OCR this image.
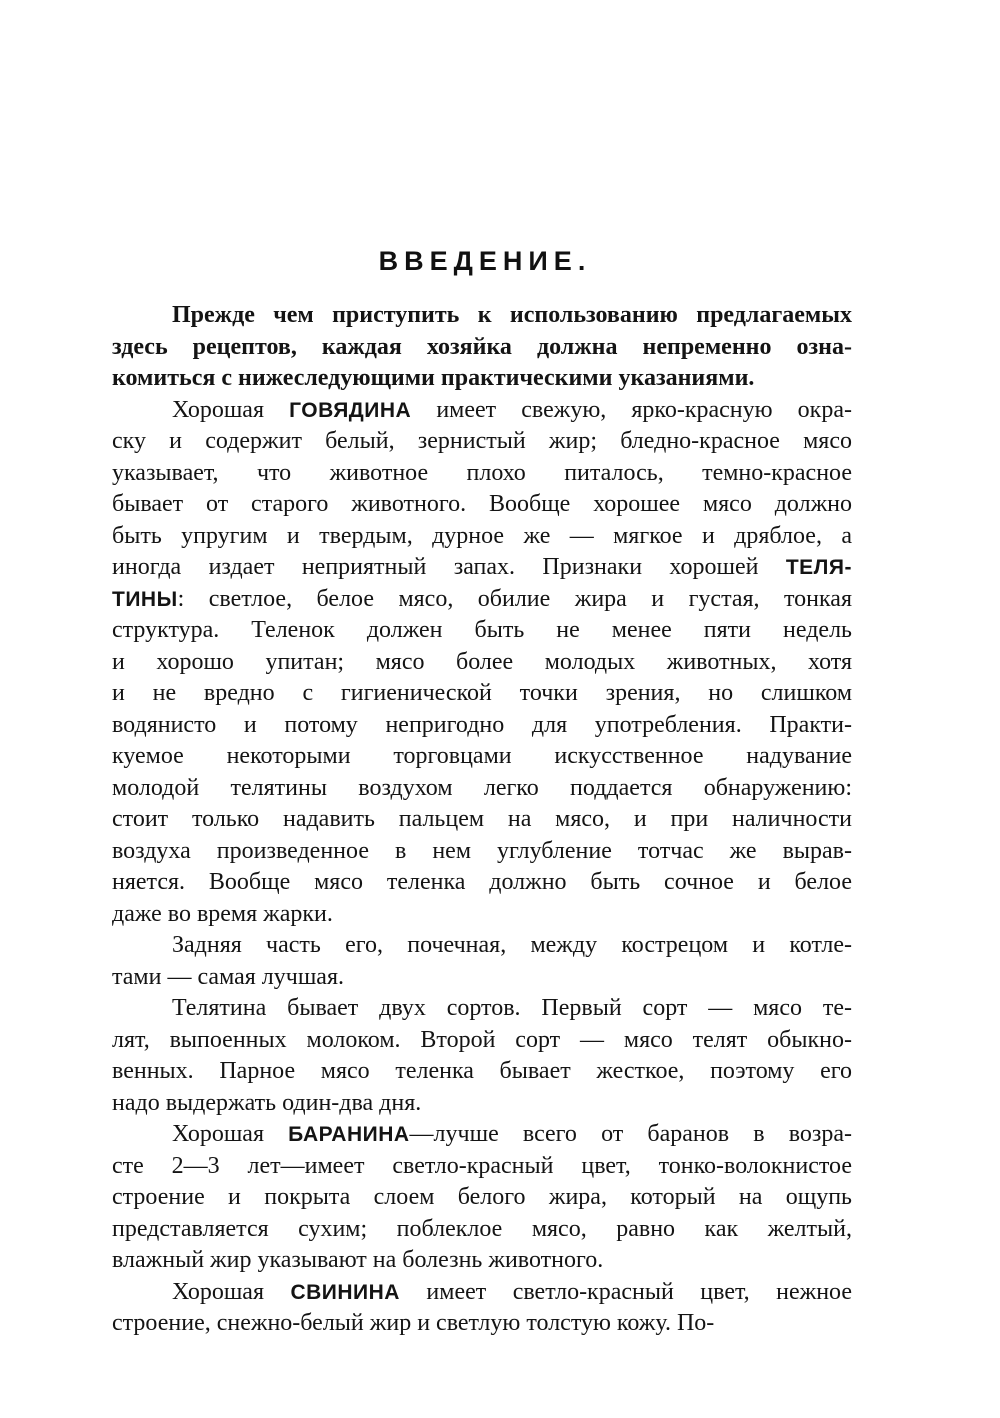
ВВЕДЕНИЕ.
Прежде чем приступить к использованию предлагаемых
здесь рецептов, каждая хозяйка должна непременно озна-
комиться с нижеследующими практическими указаниями.
Хорошая ГОВЯДИНА имеет свежую, ярко-красную окра-
ску и содержит белый, зернистый жир; бледно-красное мясо
указывает, что животное плохо питалось, темно-красное
бывает от старого животного. Вообще хорошее мясо должно
быть упругим и твердым, дурное же — мягкое и дряблое, а
иногда издает неприятный запах. Признаки хорошей ТЕЛЯ-
ТИНЫ: светлое, белое мясо, обилие жира и густая, тонкая
структура. Теленок должен быть не менее пяти недель
и хорошо упитан; мясо более молодых животных, хотя
и не вредно с гигиенической точки зрения, но слишком
водянисто и потому непригодно для употребления. Практи-
куемое некоторыми торговцами искусственное надувание
молодой телятины воздухом легко поддается обнаружению:
стоит только надавить пальцем на мясо, и при наличности
воздуха произведенное в нем углубление тотчас же вырав-
няется. Вообще мясо теленка должно быть сочное и белое
даже во время жарки.
Задняя часть его, почечная, между кострецом и котле-
тами — самая лучшая.
Телятина бывает двух сортов. Первый сорт — мясо те-
лят, выпоенных молоком. Второй сорт — мясо телят обыкно-
венных. Парное мясо теленка бывает жесткое, поэтому его
надо выдержать один-два дня.
Хорошая БАРАНИНА—лучше всего от баранов в возра-
сте 2—3 лет—имеет светло-красный цвет, тонко-волокнистое
строение и покрыта слоем белого жира, который на ощупь
представляется сухим; поблеклое мясо, равно как желтый,
влажный жир указывают на болезнь животного.
Хорошая СВИНИНА имеет светло-красный цвет, нежное
строение, снежно-белый жир и светлую толстую кожу. По-
